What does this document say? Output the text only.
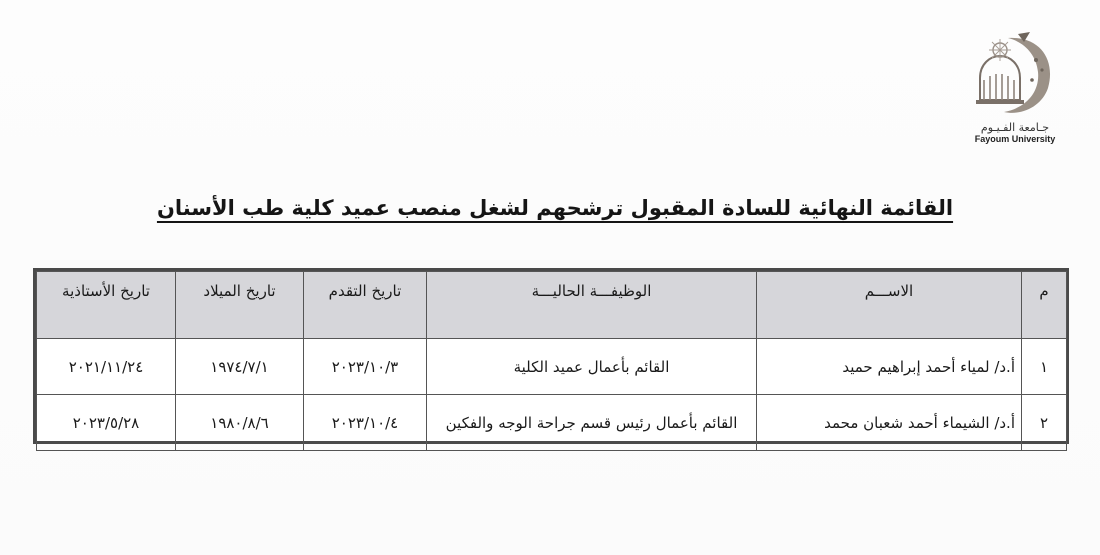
جـامعة الفـيـوم
Fayoum University
القائمة النهائية للسادة المقبول ترشحهم لشغل منصب عميد كلية طب الأسنان
م	الاســـم	الوظيفـــة الحاليـــة	تاريخ التقدم	تاريخ الميلاد	تاريخ الأستاذية
١	أ.د/ لمياء أحمد إبراهيم حميد	القائم بأعمال عميد الكلية	٢٠٢٣/١٠/٣	١٩٧٤/٧/١	٢٠٢١/١١/٢٤
٢	أ.د/ الشيماء أحمد شعبان محمد	القائم بأعمال رئيس قسم جراحة الوجه والفكين	٢٠٢٣/١٠/٤	١٩٨٠/٨/٦	٢٠٢٣/٥/٢٨
